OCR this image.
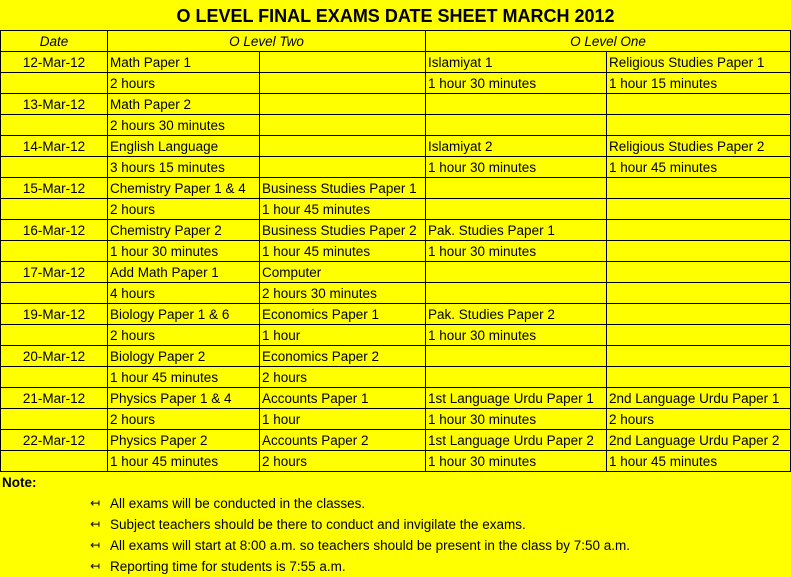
O LEVEL FINAL EXAMS DATE SHEET MARCH 2012
Date	O Level Two		O Level One	
12-Mar-12	Math Paper 1		Islamiyat 1	Religious Studies Paper 1
	2 hours		1 hour 30 minutes	1 hour 15 minutes
13-Mar-12	Math Paper 2			
	2 hours 30 minutes			
14-Mar-12	English Language		Islamiyat 2	Religious Studies Paper 2
	3 hours 15 minutes		1 hour 30 minutes	1 hour 45 minutes
15-Mar-12	Chemistry Paper 1 & 4	Business Studies Paper 1		
	2 hours	1 hour 45 minutes		
16-Mar-12	Chemistry Paper 2	Business Studies Paper 2	Pak. Studies Paper 1	
	1 hour 30 minutes	1 hour 45 minutes	1 hour 30 minutes	
17-Mar-12	Add Math Paper 1	Computer		
	4 hours	2 hours 30 minutes		
19-Mar-12	Biology Paper 1 & 6	Economics Paper 1	Pak. Studies Paper 2	
	2 hours	1 hour	1 hour 30 minutes	
20-Mar-12	Biology Paper 2	Economics Paper 2		
	1 hour 45 minutes	2 hours		
21-Mar-12	Physics Paper 1 & 4	Accounts Paper 1	1st Language Urdu Paper 1	2nd Language Urdu Paper 1
	2 hours	1 hour	1 hour 30 minutes	2 hours
22-Mar-12	Physics Paper 2	Accounts Paper 2	1st Language Urdu Paper 2	2nd Language Urdu Paper 2
	1 hour 45 minutes	2 hours	1 hour 30 minutes	1 hour 45 minutes
Note:
↤ All exams will be conducted in the classes.
↤ Subject teachers should be there to conduct and invigilate the exams.
↤ All exams will start at 8:00 a.m. so teachers should be present in the class by 7:50 a.m.
↤ Reporting time for students is 7:55 a.m.
